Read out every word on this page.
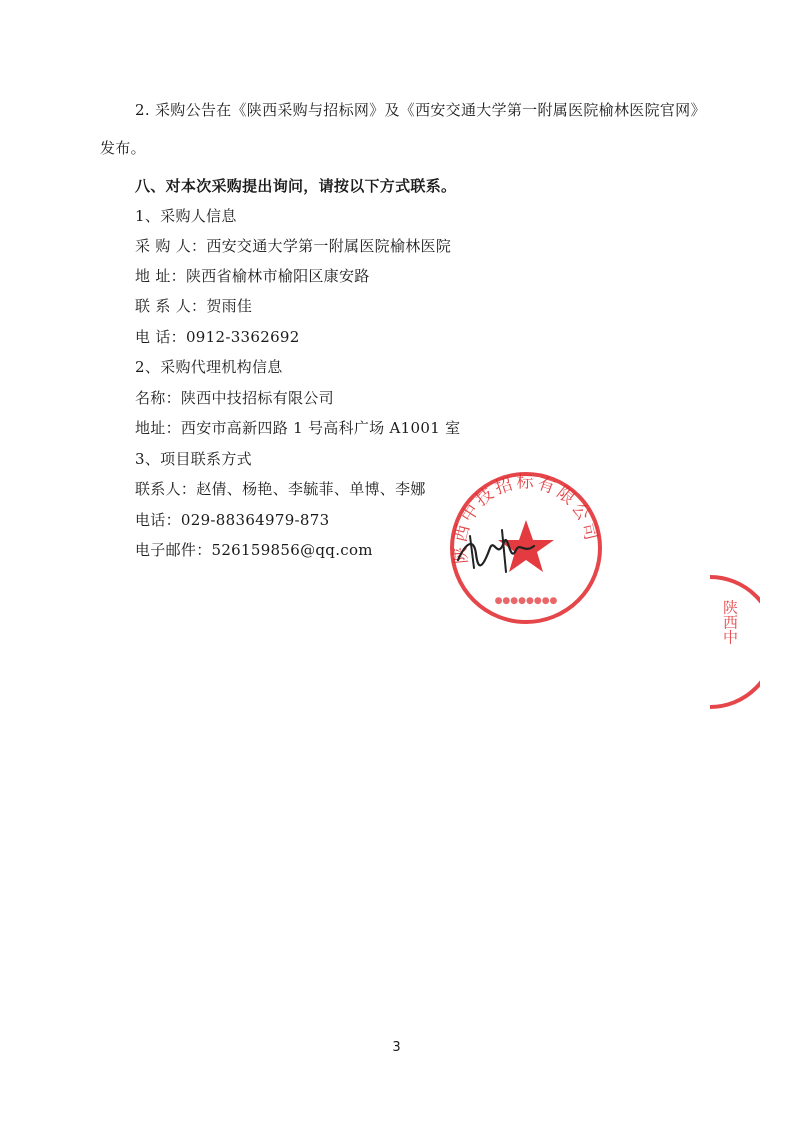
2. 采购公告在《陕西采购与招标网》及《西安交通大学第一附属医院榆林医院官网》
发布。
八、对本次采购提出询问，请按以下方式联系。
1、采购人信息
采 购 人：西安交通大学第一附属医院榆林医院
地 址：陕西省榆林市榆阳区康安路
联 系 人：贺雨佳
电 话：0912-3362692
2、采购代理机构信息
名称：陕西中技招标有限公司
地址：西安市高新四路 1 号高科广场 A1001 室
3、项目联系方式
联系人：赵倩、杨艳、李毓菲、单博、李娜
电话：029-88364979-873
电子邮件：526159856@qq.com	陕西中技招标有限公司
●●●●●●●●
赵倩
陕西中
3
